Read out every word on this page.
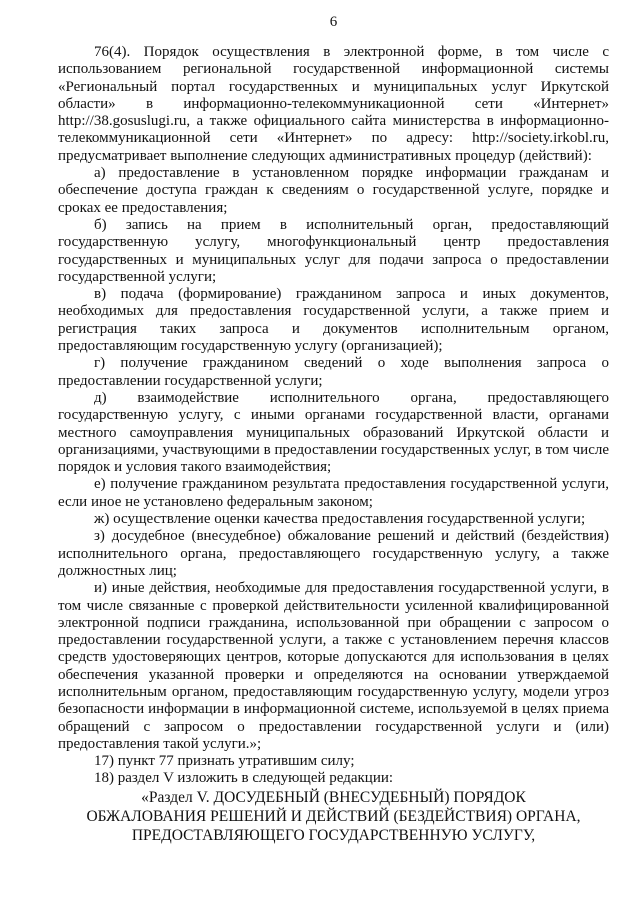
6

76(4). Порядок осуществления в электронной форме, в том числе с использованием региональной государственной информационной системы «Региональный портал государственных и муниципальных услуг Иркутской области» в информационно-телекоммуникационной сети «Интернет» http://38.gosuslugi.ru, а также официального сайта министерства в информационно-телекоммуникационной сети «Интернет» по адресу: http://society.irkobl.ru, предусматривает выполнение следующих административных процедур (действий):

а) предоставление в установленном порядке информации гражданам и обеспечение доступа граждан к сведениям о государственной услуге, порядке и сроках ее предоставления;

б) запись на прием в исполнительный орган, предоставляющий государственную услугу, многофункциональный центр предоставления государственных и муниципальных услуг для подачи запроса о предоставлении государственной услуги;

в) подача (формирование) гражданином запроса и иных документов, необходимых для предоставления государственной услуги, а также прием и регистрация таких запроса и документов исполнительным органом, предоставляющим государственную услугу (организацией);

г) получение гражданином сведений о ходе выполнения запроса о предоставлении государственной услуги;

д) взаимодействие исполнительного органа, предоставляющего государственную услугу, с иными органами государственной власти, органами местного самоуправления муниципальных образований Иркутской области и организациями, участвующими в предоставлении государственных услуг, в том числе порядок и условия такого взаимодействия;

е) получение гражданином результата предоставления государственной услуги, если иное не установлено федеральным законом;

ж) осуществление оценки качества предоставления государственной услуги;

з) досудебное (внесудебное) обжалование решений и действий (бездействия) исполнительного органа, предоставляющего государственную услугу, а также должностных лиц;

и) иные действия, необходимые для предоставления государственной услуги, в том числе связанные с проверкой действительности усиленной квалифицированной электронной подписи гражданина, использованной при обращении с запросом о предоставлении государственной услуги, а также с установлением перечня классов средств удостоверяющих центров, которые допускаются для использования в целях обеспечения указанной проверки и определяются на основании утверждаемой исполнительным органом, предоставляющим государственную услугу, модели угроз безопасности информации в информационной системе, используемой в целях приема обращений с запросом о предоставлении государственной услуги и (или) предоставления такой услуги.»;

17) пункт 77 признать утратившим силу;

18) раздел V изложить в следующей редакции:

«Раздел V. ДОСУДЕБНЫЙ (ВНЕСУДЕБНЫЙ) ПОРЯДОК

ОБЖАЛОВАНИЯ РЕШЕНИЙ И ДЕЙСТВИЙ (БЕЗДЕЙСТВИЯ) ОРГАНА,

ПРЕДОСТАВЛЯЮЩЕГО ГОСУДАРСТВЕННУЮ УСЛУГУ,
